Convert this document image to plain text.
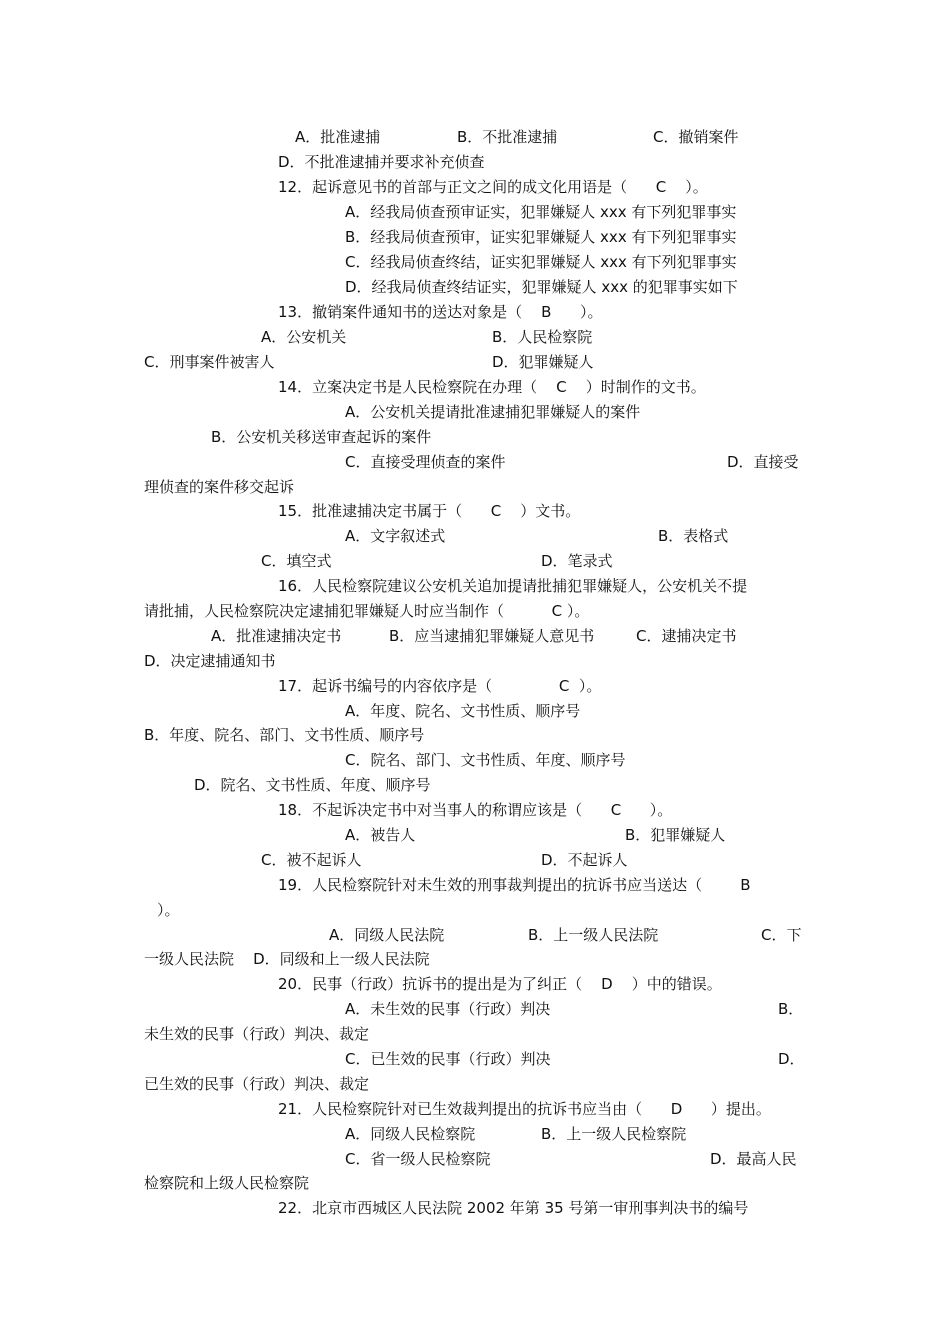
A．批准逮捕	B．不批准逮捕	C．撤销案件
D．不批准逮捕并要求补充侦查
12．起诉意见书的首部与正文之间的成文化用语是（      C    ）。
A．经我局侦查预审证实，犯罪嫌疑人 xxx 有下列犯罪事实
B．经我局侦查预审，证实犯罪嫌疑人 xxx 有下列犯罪事实
C．经我局侦查终结，证实犯罪嫌疑人 xxx 有下列犯罪事实
D．经我局侦查终结证实，犯罪嫌疑人 xxx 的犯罪事实如下
13．撤销案件通知书的送达对象是（    B      ）。
A．公安机关	B．人民检察院
C．刑事案件被害人	D．犯罪嫌疑人
14．立案决定书是人民检察院在办理（    C    ）时制作的文书。
A．公安机关提请批准逮捕犯罪嫌疑人的案件
B．公安机关移送审查起诉的案件
C．直接受理侦查的案件	D．直接受
理侦查的案件移交起诉
15．批准逮捕决定书属于（      C    ）文书。
A．文字叙述式	B．表格式
C．填空式	D．笔录式
16．人民检察院建议公安机关追加提请批捕犯罪嫌疑人，公安机关不提
请批捕，人民检察院决定逮捕犯罪嫌疑人时应当制作（          C ）。
A．批准逮捕决定书	B．应当逮捕犯罪嫌疑人意见书	C．逮捕决定书
D．决定逮捕通知书
17．起诉书编号的内容依序是（              C  ）。
A．年度、院名、文书性质、顺序号
B．年度、院名、部门、文书性质、顺序号
C．院名、部门、文书性质、年度、顺序号
D．院名、文书性质、年度、顺序号
18．不起诉决定书中对当事人的称谓应该是（      C      ）。
A．被告人	B．犯罪嫌疑人
C．被不起诉人	D．不起诉人
19．人民检察院针对未生效的刑事裁判提出的抗诉书应当送达（        B
）。
A．同级人民法院	B．上一级人民法院	C．下
一级人民法院    D．同级和上一级人民法院
20．民事（行政）抗诉书的提出是为了纠正（    D    ）中的错误。
A．未生效的民事（行政）判决	B．
未生效的民事（行政）判决、裁定
C．已生效的民事（行政）判决	D．
已生效的民事（行政）判决、裁定
21．人民检察院针对已生效裁判提出的抗诉书应当由（      D      ）提出。
A．同级人民检察院	B．上一级人民检察院
C．省一级人民检察院	D．最高人民
检察院和上级人民检察院
22．北京市西城区人民法院 2002 年第 35 号第一审刑事判决书的编号
